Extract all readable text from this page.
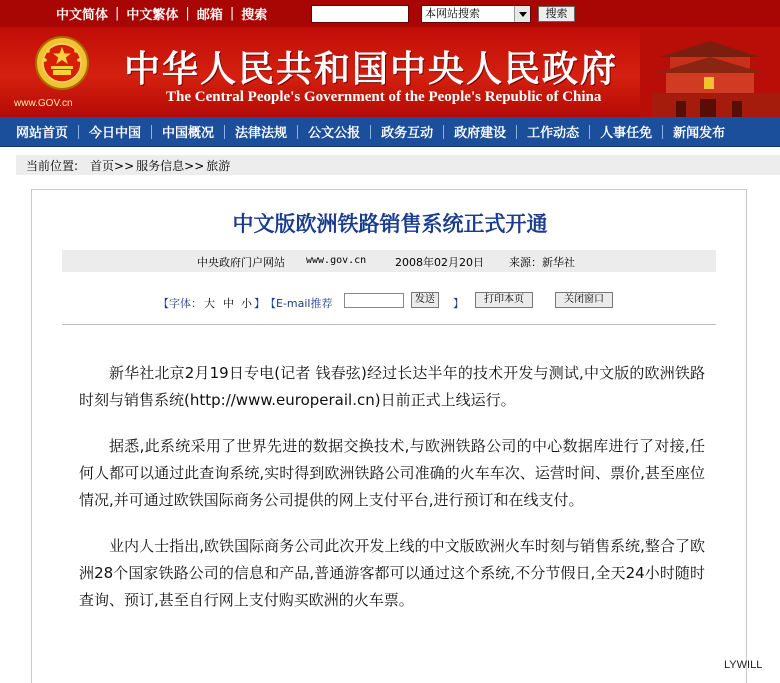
中文简体 | 中文繁体 | 邮箱 | 搜索	本网站搜索	搜索
www.GOV.cn
中华人民共和国中央人民政府
The Central People's Government of the People's Republic of China
网站首页 今日中国 中国概况 法律法规 公文公报 政务互动 政府建设 工作动态 人事任免 新闻发布
当前位置: 首页>> 服务信息>> 旅游
中文版欧洲铁路销售系统正式开通
中央政府门户网站 www.gov.cn	2008年02月20日 来源：新华社
【字体： 大 中 小 】 【E-mail推荐	发送	】	打印本页	关闭窗口

新华社北京2月19日专电(记者 钱春弦)经过长达半年的技术开发与测试,中文版的欧洲铁路时刻与销售系统(http://www.europerail.cn)日前正式上线运行。

据悉,此系统采用了世界先进的数据交换技术,与欧洲铁路公司的中心数据库进行了对接,任何人都可以通过此查询系统,实时得到欧洲铁路公司准确的火车车次、运营时间、票价,甚至座位情况,并可通过欧铁国际商务公司提供的网上支付平台,进行预订和在线支付。

业内人士指出,欧铁国际商务公司此次开发上线的中文版欧洲火车时刻与销售系统,整合了欧洲28个国家铁路公司的信息和产品,普通游客都可以通过这个系统,不分节假日,全天24小时随时查询、预订,甚至自行网上支付购买欧洲的火车票。

LYWILL
